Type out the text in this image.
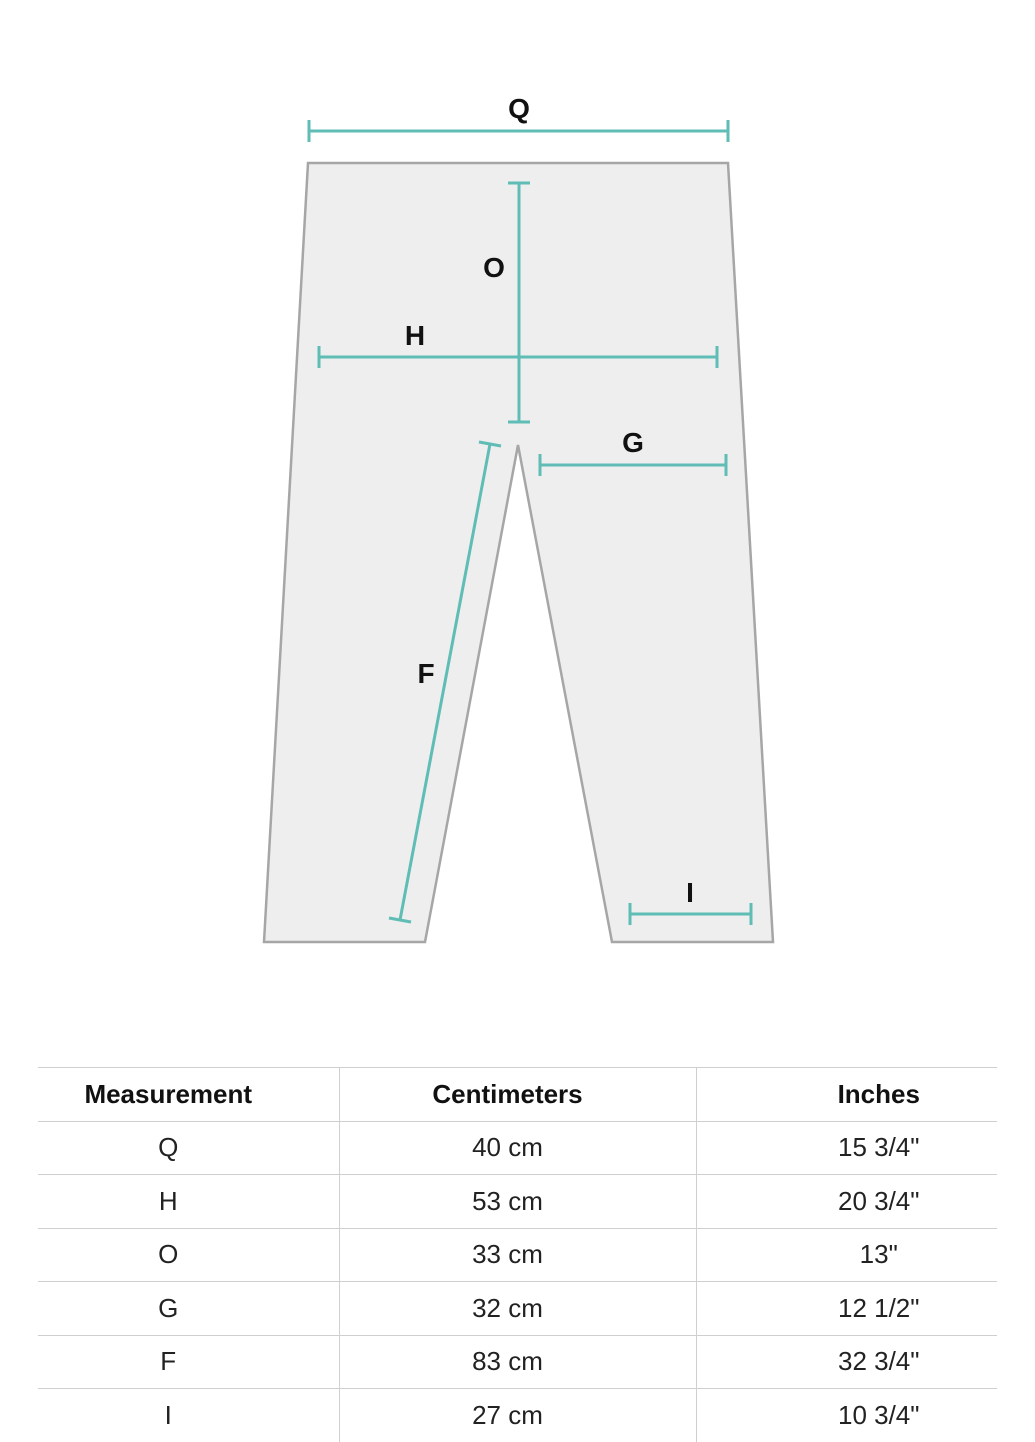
Q
O
H
G
F
I
Measurement	Centimeters	Inches

Q	40 cm	15 3/4"

H	53 cm	20 3/4"

O	33 cm	13"

G	32 cm	12 1/2"

F	83 cm	32 3/4"

I	27 cm	10 3/4"
